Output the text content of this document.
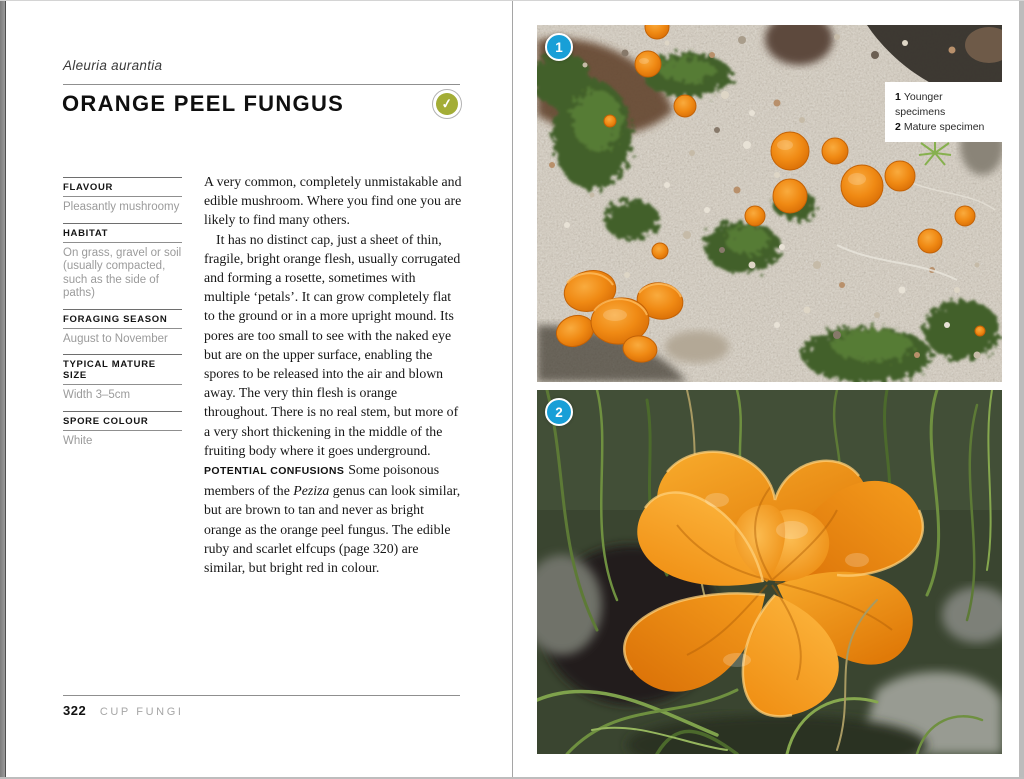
Aleuria aurantia
ORANGE PEEL FUNGUS	✓
FLAVOUR
Pleasantly mushroomy
HABITAT
On grass, gravel or soil (usually compacted, such as the side of paths)
FORAGING SEASON
August to November
TYPICAL MATURE SIZE
Width 3–5cm
SPORE COLOUR
White

A very common, completely unmistakable and edible mushroom. Where you find one you are likely to find many others.

It has no distinct cap, just a sheet of thin, fragile, bright orange flesh, usually corrugated and forming a rosette, sometimes with multiple ‘petals’. It can grow completely flat to the ground or in a more upright mound. Its pores are too small to see with the naked eye but are on the upper surface, enabling the spores to be released into the air and blown away. The very thin flesh is orange throughout. There is no real stem, but more of a very short thickening in the middle of the fruiting body where it goes underground.

POTENTIAL CONFUSIONS Some poisonous members of the Peziza genus can look similar, but are brown to tan and never as bright orange as the orange peel fungus. The edible ruby and scarlet elfcups (page 320) are similar, but bright red in colour.

322 CUP FUNGI
1
1 Younger specimens
2 Mature specimen
2
